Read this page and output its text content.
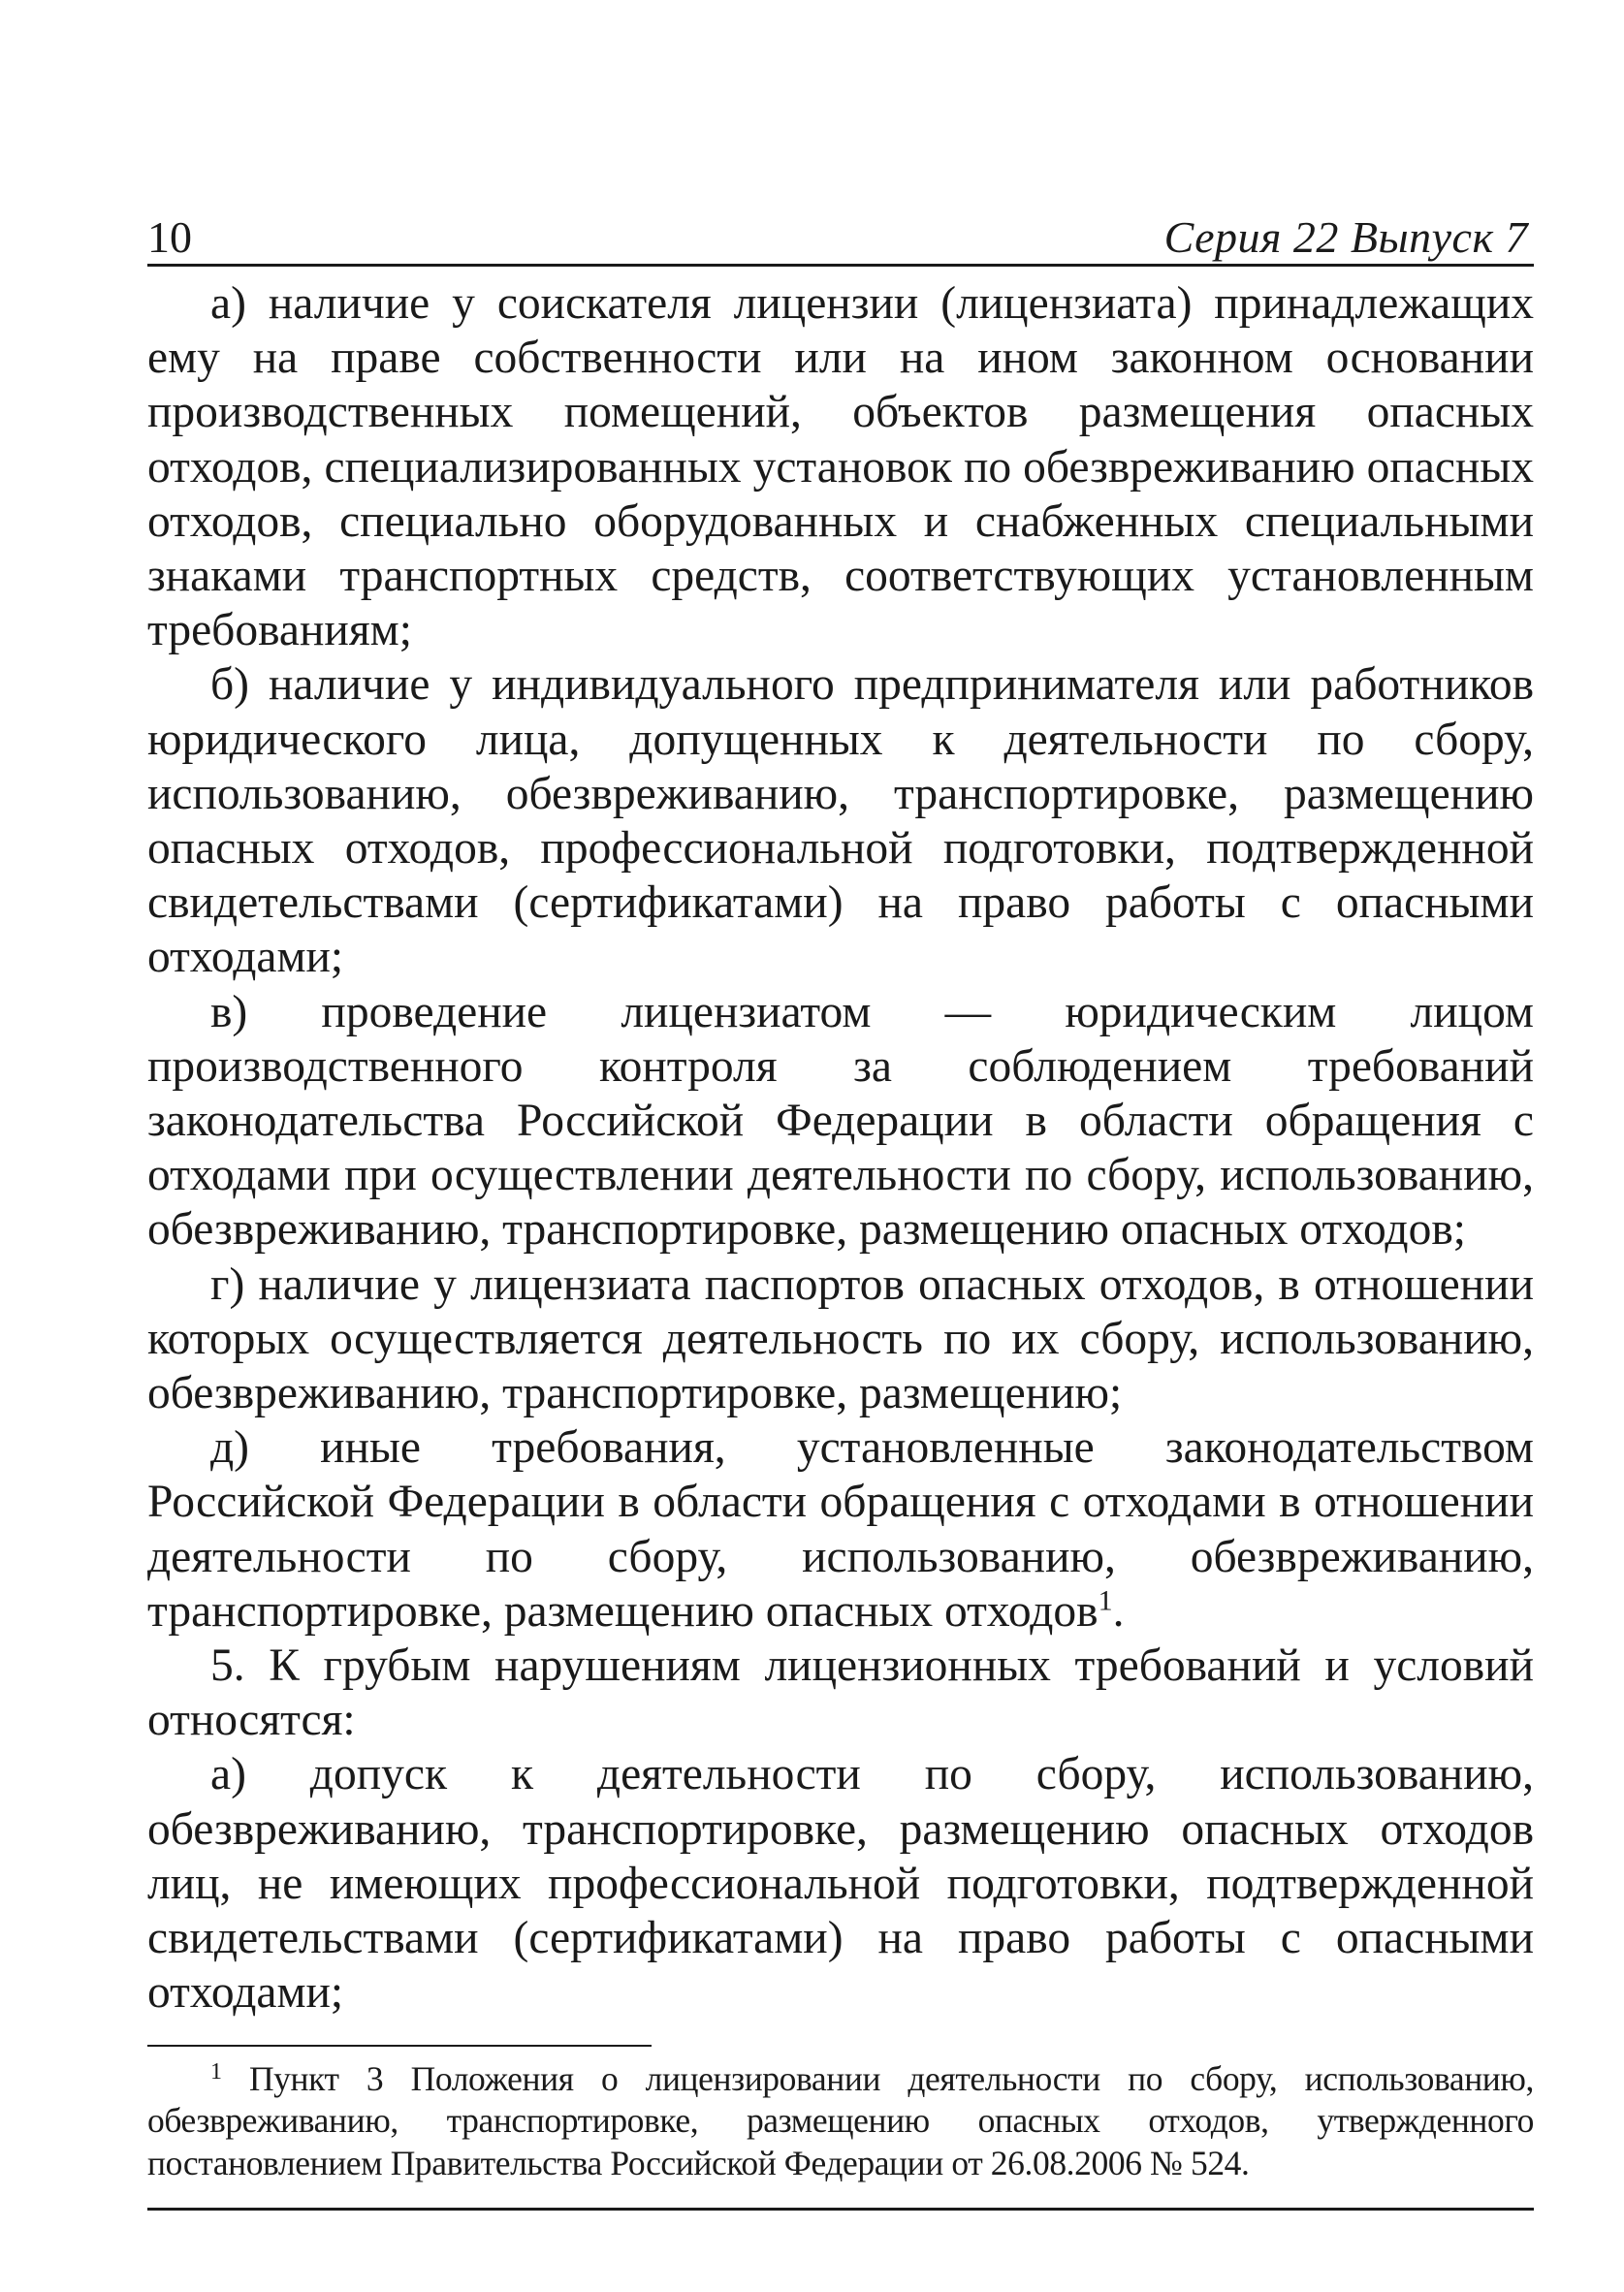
10	Серия 22 Выпуск 7

а) наличие у соискателя лицензии (лицензиата) принадлежащих ему на праве собственности или на ином законном основании производственных помещений, объектов размещения опасных отходов, специализированных установок по обезвреживанию опасных отходов, специально оборудованных и снабженных специальными знаками транспортных средств, соответствующих установленным требованиям;

б) наличие у индивидуального предпринимателя или работников юридического лица, допущенных к деятельности по сбору, использованию, обезвреживанию, транспортировке, размещению опасных отходов, профессиональной подготовки, подтвержденной свидетельствами (сертификатами) на право работы с опасными отходами;

в) проведение лицензиатом — юридическим лицом производственного контроля за соблюдением требований законодательства Российской Федерации в области обращения с отходами при осуществлении деятельности по сбору, использованию, обезвреживанию, транспортировке, размещению опасных отходов;

г) наличие у лицензиата паспортов опасных отходов, в отношении которых осуществляется деятельность по их сбору, использованию, обезвреживанию, транспортировке, размещению;

д) иные требования, установленные законодательством Российской Федерации в области обращения с отходами в отношении деятельности по сбору, использованию, обезвреживанию, транспортировке, размещению опасных отходов$^1$.

5. К грубым нарушениям лицензионных требований и условий относятся:

а) допуск к деятельности по сбору, использованию, обезвреживанию, транспортировке, размещению опасных отходов лиц, не имеющих профессиональной подготовки, подтвержденной свидетельствами (сертификатами) на право работы с опасными отходами;

$^1$ Пункт 3 Положения о лицензировании деятельности по сбору, использованию, обезвреживанию, транспортировке, размещению опасных отходов, утвержденного постановлением Правительства Российской Федерации от 26.08.2006 № 524.
